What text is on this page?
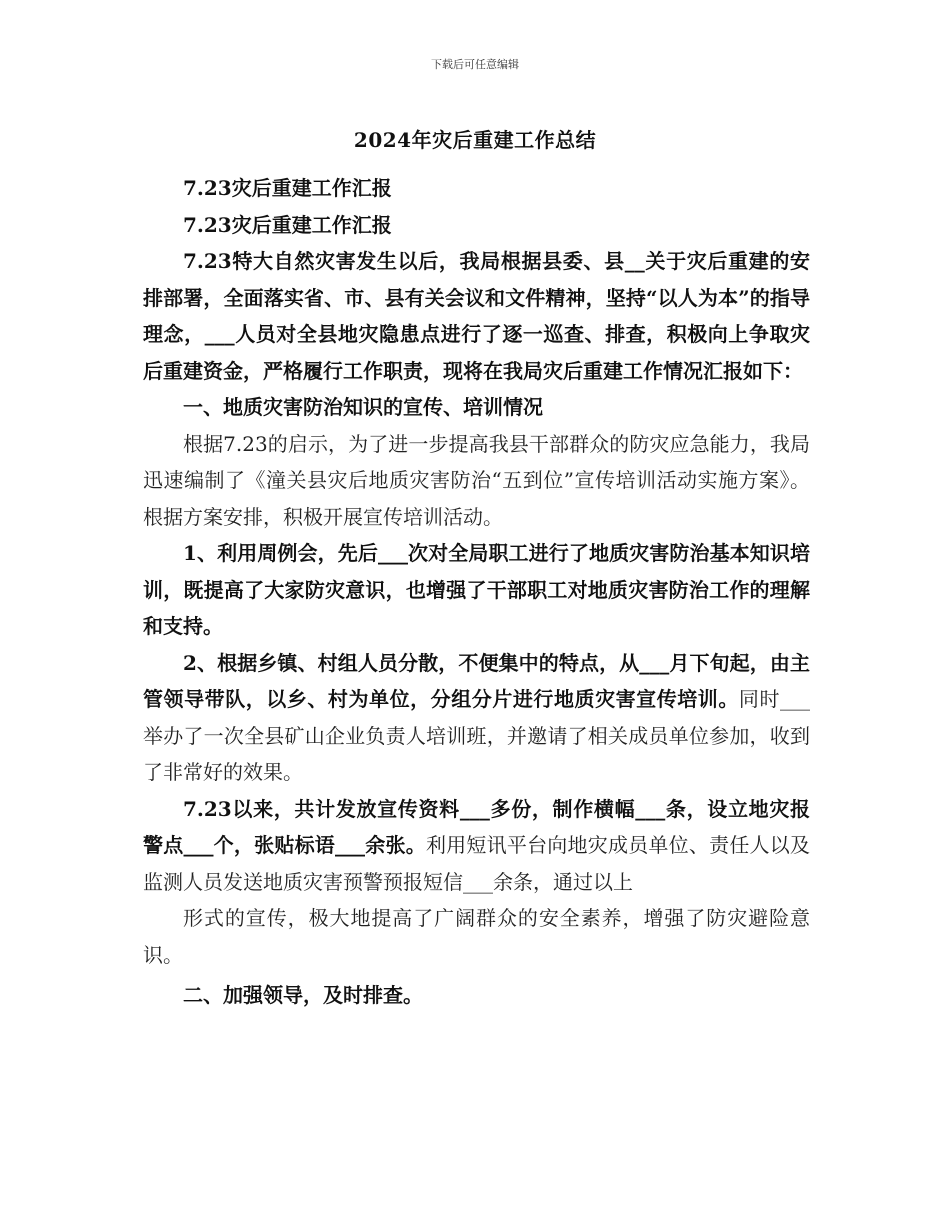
下载后可任意编辑
2024年灾后重建工作总结

7.23灾后重建工作汇报

7.23灾后重建工作汇报

7.23特大自然灾害发生以后，我局根据县委、县__关于灾后重建的安排部署，全面落实省、市、县有关会议和文件精神，坚持“以人为本”的指导理念，___人员对全县地灾隐患点进行了逐一巡查、排查，积极向上争取灾后重建资金，严格履行工作职责，现将在我局灾后重建工作情况汇报如下：

一、地质灾害防治知识的宣传、培训情况

根据7.23的启示，为了进一步提高我县干部群众的防灾应急能力，我局迅速编制了《潼关县灾后地质灾害防治“五到位”宣传培训活动实施方案》。根据方案安排，积极开展宣传培训活动。

1、利用周例会，先后___次对全局职工进行了地质灾害防治基本知识培训，既提高了大家防灾意识，也增强了干部职工对地质灾害防治工作的理解和支持。

2、根据乡镇、村组人员分散，不便集中的特点，从___月下旬起，由主管领导带队，以乡、村为单位，分组分片进行地质灾害宣传培训。同时___举办了一次全县矿山企业负责人培训班，并邀请了相关成员单位参加，收到了非常好的效果。

7.23以来，共计发放宣传资料___多份，制作横幅___条，设立地灾报警点___个，张贴标语___余张。利用短讯平台向地灾成员单位、责任人以及监测人员发送地质灾害预警预报短信___余条，通过以上

形式的宣传，极大地提高了广阔群众的安全素养，增强了防灾避险意识。

二、加强领导，及时排查。
